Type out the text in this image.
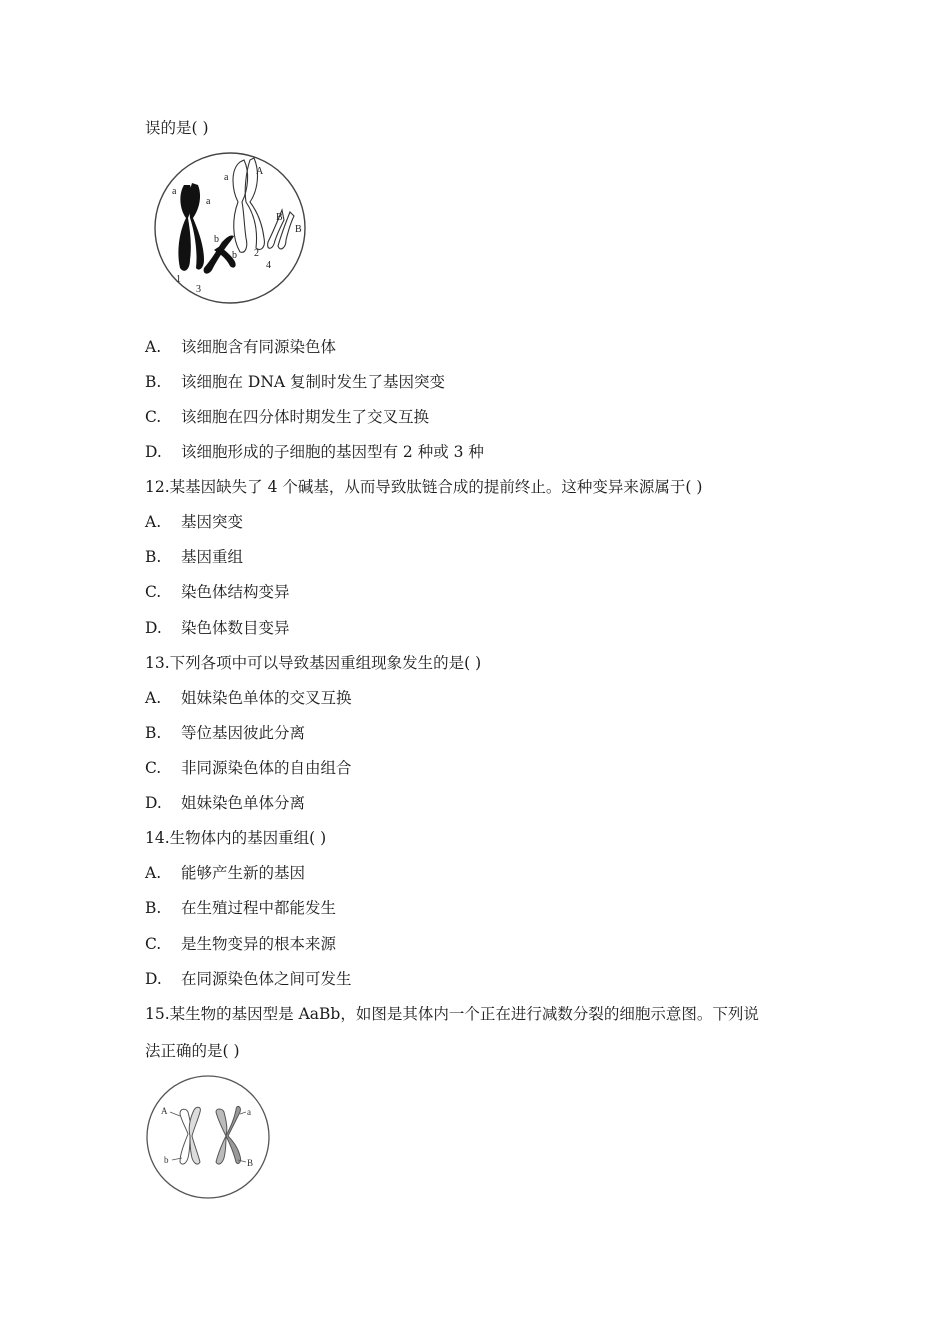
误的是( )
a
a
a
A
b
b
B
B
1
2
3
4
A. 该细胞含有同源染色体
B. 该细胞在 DNA 复制时发生了基因突变
C. 该细胞在四分体时期发生了交叉互换
D. 该细胞形成的子细胞的基因型有 2 种或 3 种
12.某基因缺失了 4 个碱基，从而导致肽链合成的提前终止。这种变异来源属于( )
A. 基因突变
B. 基因重组
C. 染色体结构变异
D. 染色体数目变异
13.下列各项中可以导致基因重组现象发生的是( )
A. 姐妹染色单体的交叉互换
B. 等位基因彼此分离
C. 非同源染色体的自由组合
D. 姐妹染色单体分离
14.生物体内的基因重组( )
A. 能够产生新的基因
B. 在生殖过程中都能发生
C. 是生物变异的根本来源
D. 在同源染色体之间可发生
15.某生物的基因型是 AaBb，如图是其体内一个正在进行减数分裂的细胞示意图。下列说
法正确的是( )
A	a
b	B
